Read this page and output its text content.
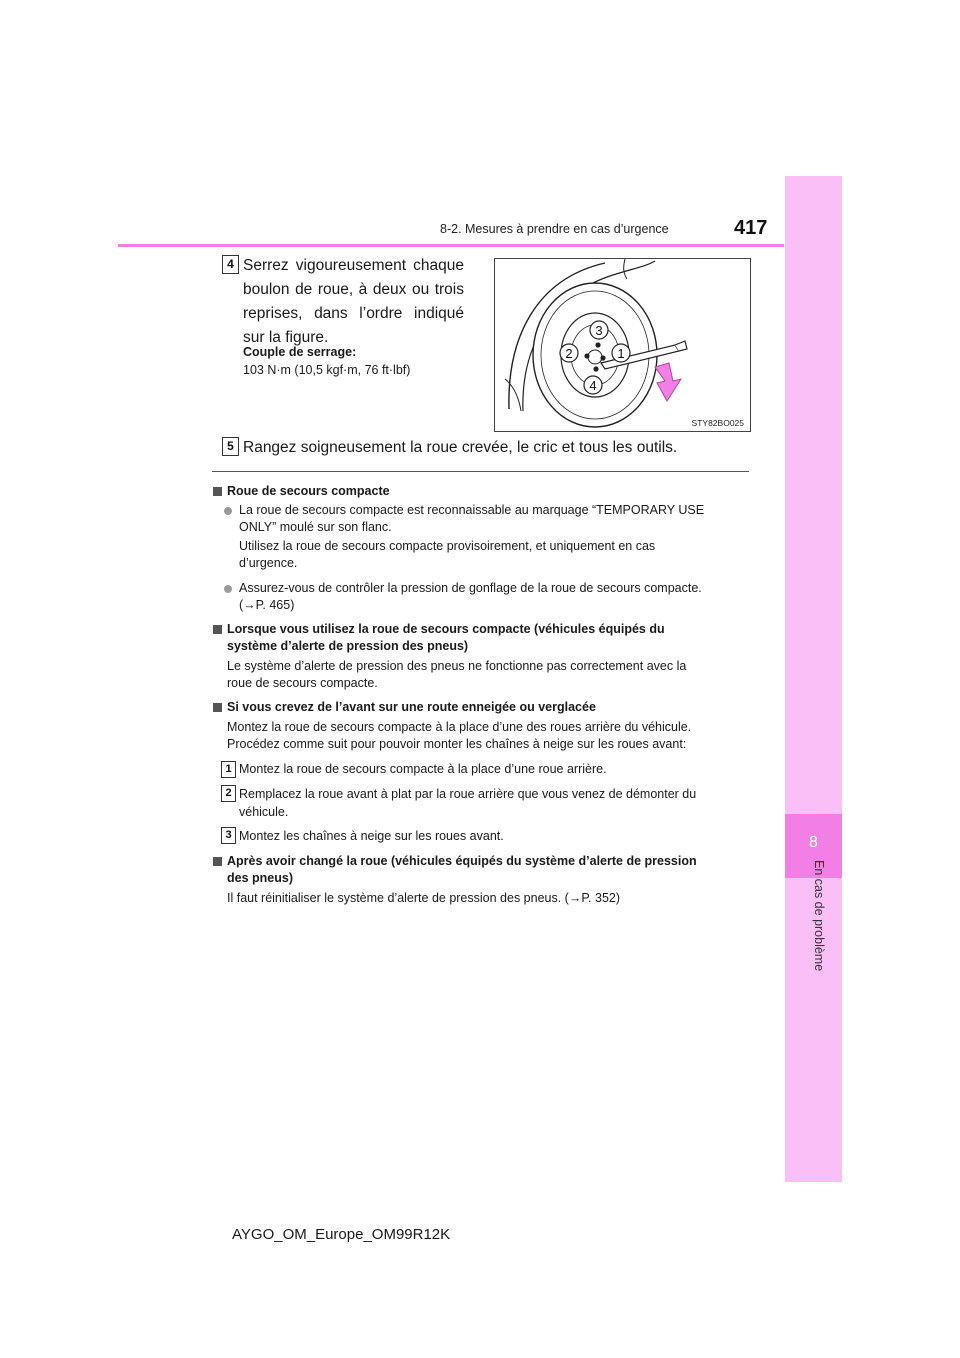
8
En cas de problème
8-2. Mesures à prendre en cas d’urgence	417
4 Serrez vigoureusement chaque boulon de roue, à deux ou trois reprises, dans l’ordre indiqué sur la figure.
Couple de serrage:
103 N·m (10,5 kgf·m, 76 ft·lbf)
3
2	1
4
STY82BO025
5 Rangez soigneusement la roue crevée, le cric et tous les outils.
Roue de secours compacte
La roue de secours compacte est reconnaissable au marquage “TEMPORARY USE
ONLY” moulé sur son flanc.
Utilisez la roue de secours compacte provisoirement, et uniquement en cas
d’urgence.
Assurez-vous de contrôler la pression de gonflage de la roue de secours compacte.
(→P. 465)
Lorsque vous utilisez la roue de secours compacte (véhicules équipés du
système d’alerte de pression des pneus)
Le système d’alerte de pression des pneus ne fonctionne pas correctement avec la
roue de secours compacte.
Si vous crevez de l’avant sur une route enneigée ou verglacée
Montez la roue de secours compacte à la place d’une des roues arrière du véhicule.
Procédez comme suit pour pouvoir monter les chaînes à neige sur les roues avant:
1 Montez la roue de secours compacte à la place d’une roue arrière.
2 Remplacez la roue avant à plat par la roue arrière que vous venez de démonter du
véhicule.
3 Montez les chaînes à neige sur les roues avant.
Après avoir changé la roue (véhicules équipés du système d’alerte de pression
des pneus)
Il faut réinitialiser le système d’alerte de pression des pneus. (→P. 352)
AYGO_OM_Europe_OM99R12K
